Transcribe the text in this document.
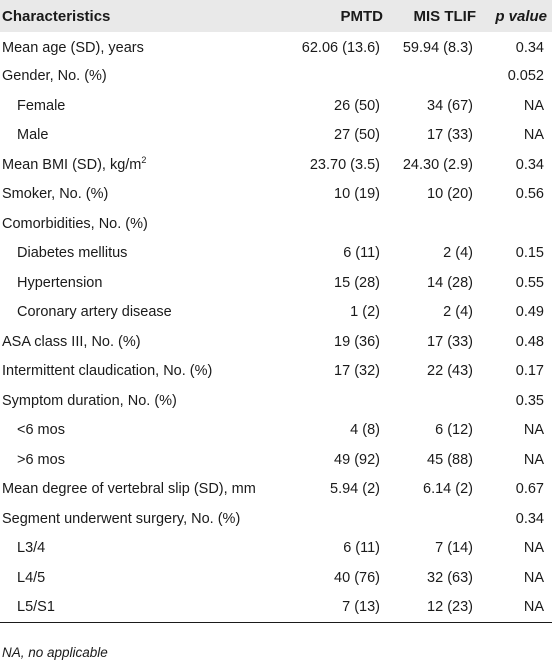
Characteristics	PMTD	MIS TLIF	p value
Mean age (SD), years	62.06 (13.6)	59.94 (8.3)	0.34
Gender, No. (%)			0.052
Female	26 (50)	34 (67)	NA
Male	27 (50)	17 (33)	NA
Mean BMI (SD), $kg/m^2$	23.70 (3.5)	24.30 (2.9)	0.34
Smoker, No. (%)	10 (19)	10 (20)	0.56
Comorbidities, No. (%)			
Diabetes mellitus	6 (11)	2 (4)	0.15
Hypertension	15 (28)	14 (28)	0.55
Coronary artery disease	1 (2)	2 (4)	0.49
ASA class III, No. (%)	19 (36)	17 (33)	0.48
Intermittent claudication, No. (%)	17 (32)	22 (43)	0.17
Symptom duration, No. (%)			0.35
<6 mos	4 (8)	6 (12)	NA
>6 mos	49 (92)	45 (88)	NA
Mean degree of vertebral slip (SD), mm	5.94 (2)	6.14 (2)	0.67
Segment underwent surgery, No. (%)			0.34
L3/4	6 (11)	7 (14)	NA
L4/5	40 (76)	32 (63)	NA
L5/S1	7 (13)	12 (23)	NA
NA, no applicable
